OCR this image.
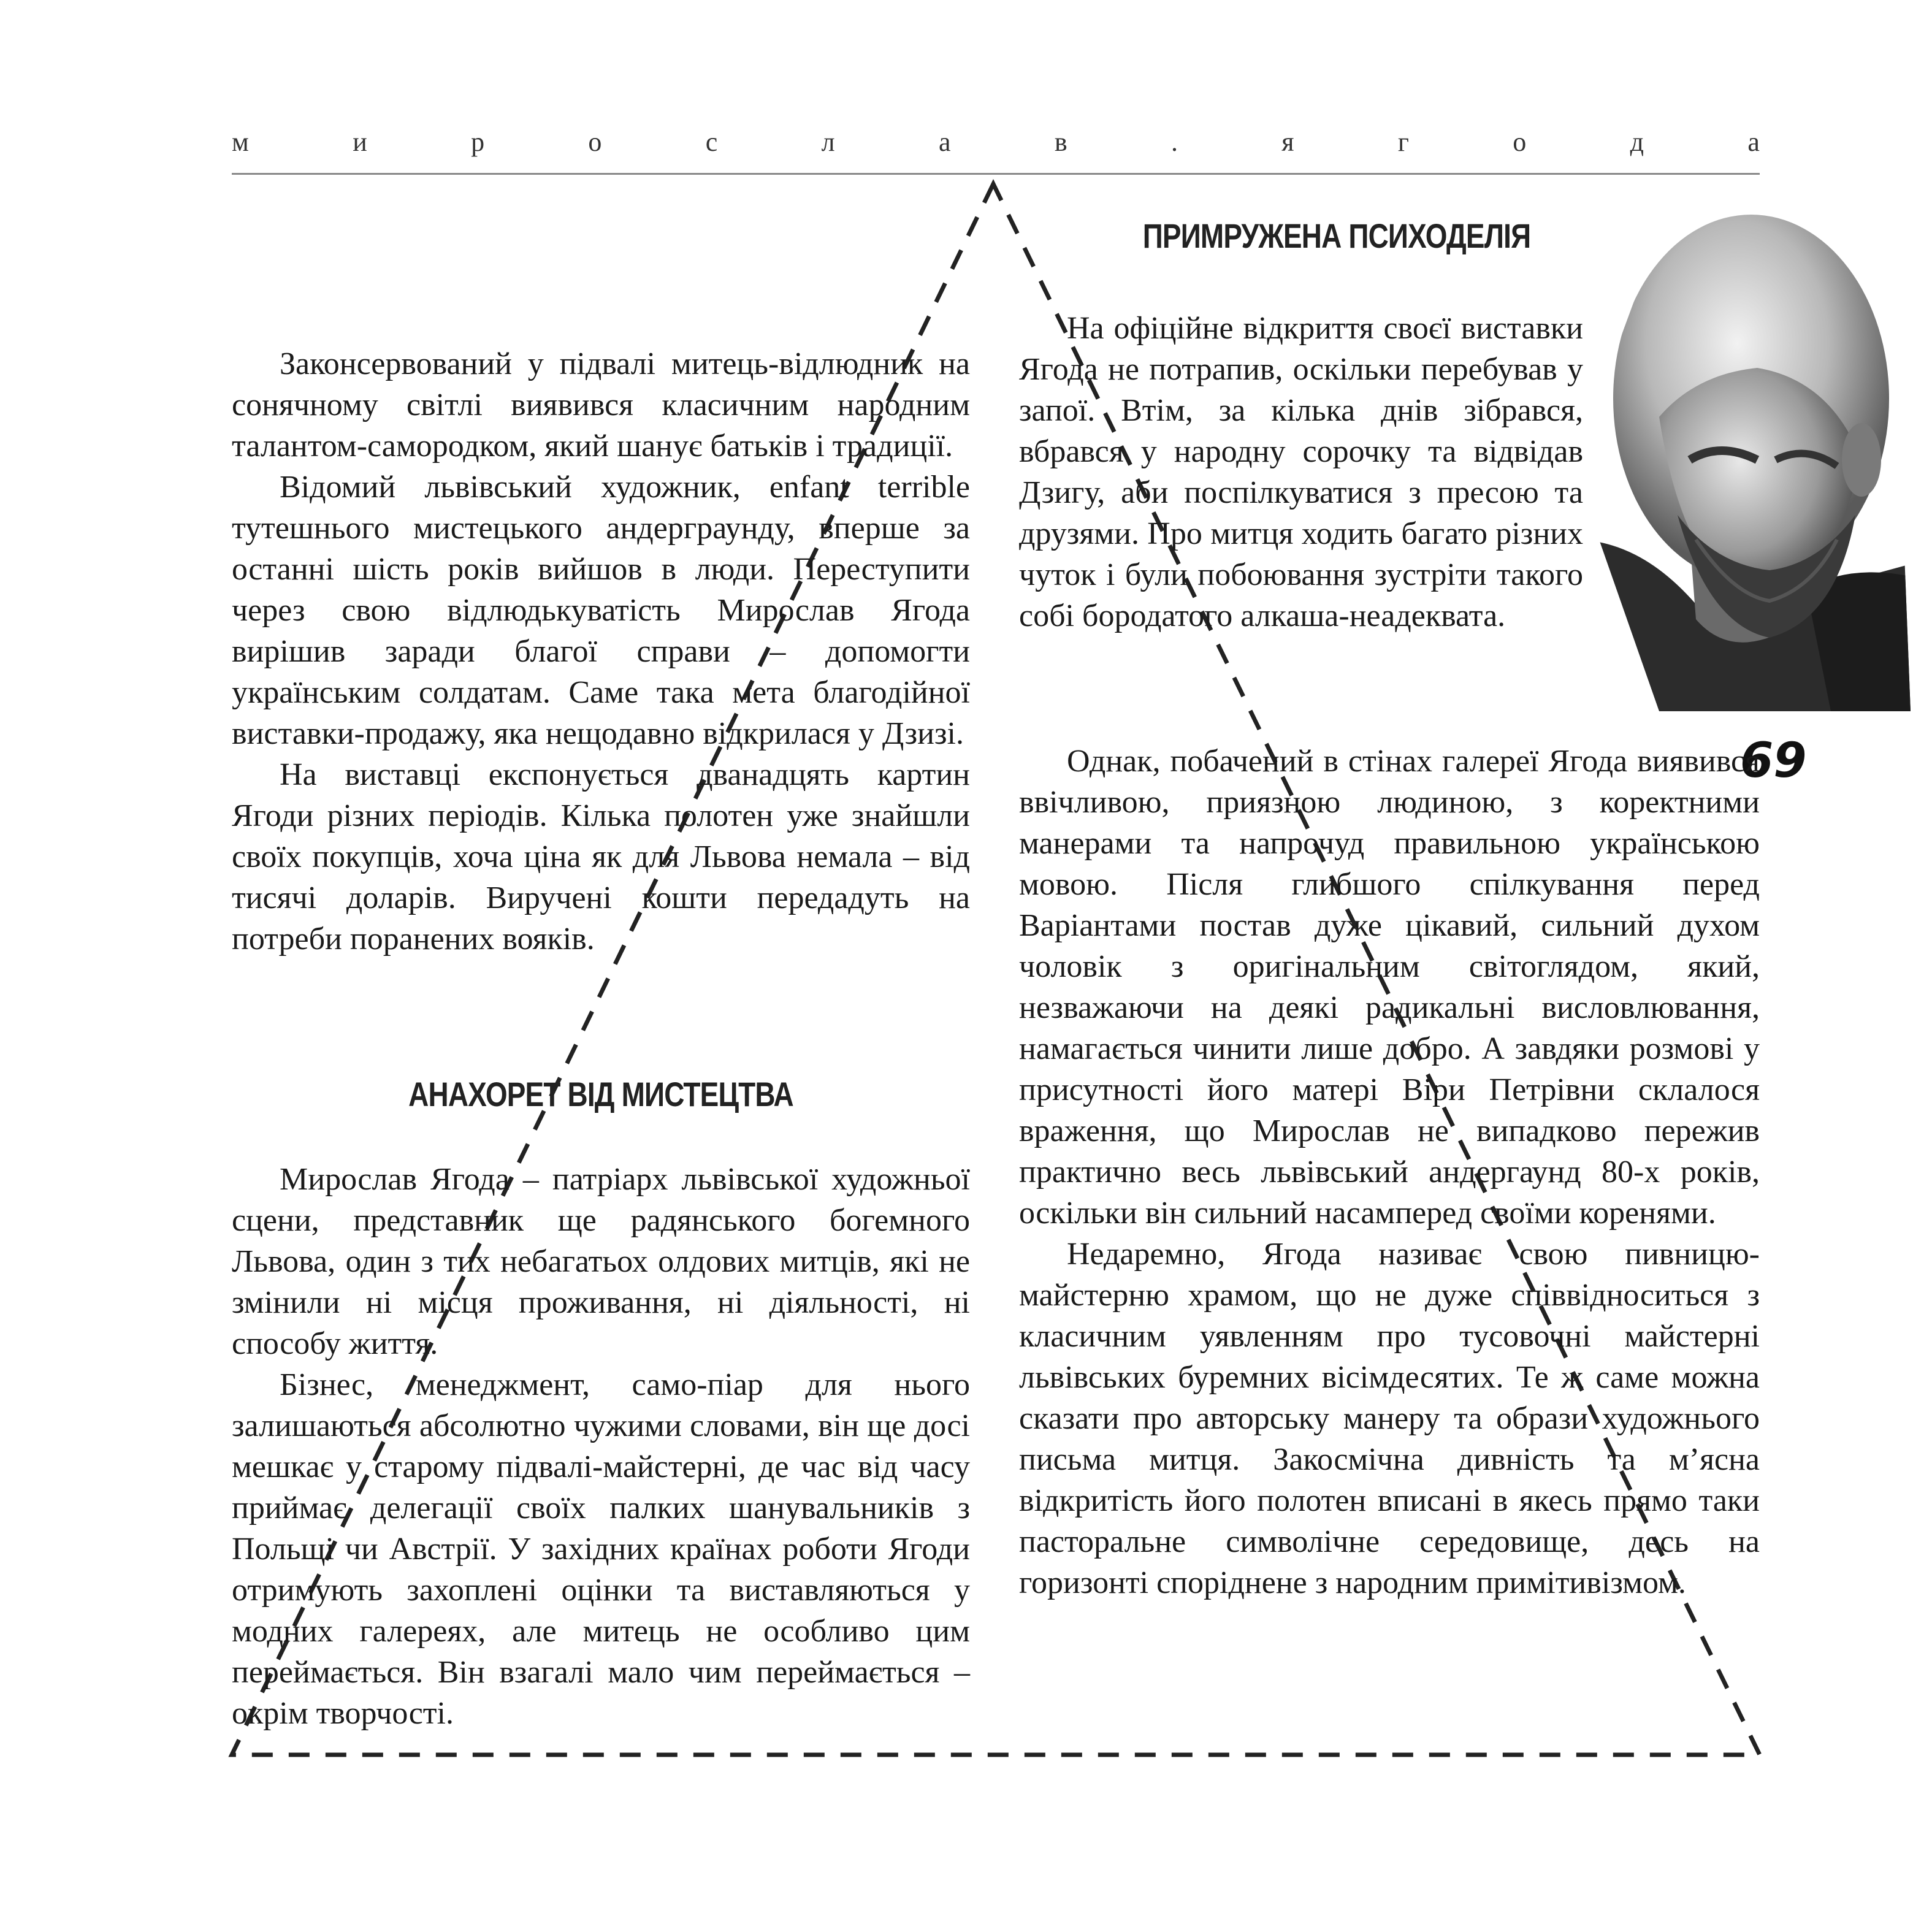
м	и	р	о	с	л	а	в	.	я	г	о	д	а
ПРИМРУЖЕНА ПСИХОДЕЛІЯ

На офіційне відкриття своєї виставки Ягода не потрапив, оскільки перебував у запої. Втім, за кілька днів зібрався, вбрався у народну сорочку та відвідав Дзигу, аби поспілкуватися з пресою та друзями. Про митця ходить багато різних чуток і були побоювання зустріти такого собі бородатого алкаша-неадеквата.

69

Однак, побачений в стінах галереї Ягода виявився ввічливою, приязною людиною, з коректними манерами та напрочуд правильною українською мовою. Після глибшого спілкування перед Варіантами постав дуже цікавий, сильний духом чоловік з оригінальним світоглядом, який, незважаючи на деякі радикальні висловлювання, намагається чинити лише добро. А завдяки розмові у присутності його матері Віри Петрівни склалося враження, що Мирослав не випадково пережив практично весь львівський андергаунд 80-х років, оскільки він сильний насамперед своїми коренями.

Недаремно, Ягода називає свою пивницю-майстерню храмом, що не дуже співвідноситься з класичним уявленням про тусовочні майстерні львівських буремних вісімдесятих. Те ж саме можна сказати про авторську манеру та образи художнього письма митця. Закосмічна дивність та м’ясна відкритість його полотен вписані в якесь прямо таки пасторальне символічне середовище, десь на горизонті споріднене з народним примітивізмом.

Законсервований у підвалі митець-відлюдник на сонячному світлі виявився класичним народним талантом-самородком, який шанує батьків і традиції.

Відомий львівський художник, enfant terrible тутешнього мистецького андерграунду, вперше за останні шість років вийшов в люди. Переступити через свою відлюдькуватість Мирослав Ягода вирішив заради благої справи – допомогти українським солдатам. Саме така мета благодійної виставки-продажу, яка нещодавно відкрилася у Дзизі.

На виставці експонується дванадцять картин Ягоди різних періодів. Кілька полотен уже знайшли своїх покупців, хоча ціна як для Львова немала – від тисячі доларів. Виручені кошти передадуть на потреби поранених вояків.

АНАХОРЕТ ВІД МИСТЕЦТВА

Мирослав Ягода – патріарх львівської художньої сцени, представник ще радянського богемного Львова, один з тих небагатьох олдових митців, які не змінили ні місця проживання, ні діяльності, ні способу життя.

Бізнес, менеджмент, само-піар для нього залишаються абсолютно чужими словами, він ще досі мешкає у старому підвалі-майстерні, де час від часу приймає делегації своїх палких шанувальників з Польщі чи Австрії. У західних країнах роботи Ягоди отримують захоплені оцінки та виставляються у модних галереях, але митець не особливо цим переймається. Він взагалі мало чим переймається – окрім творчості.
